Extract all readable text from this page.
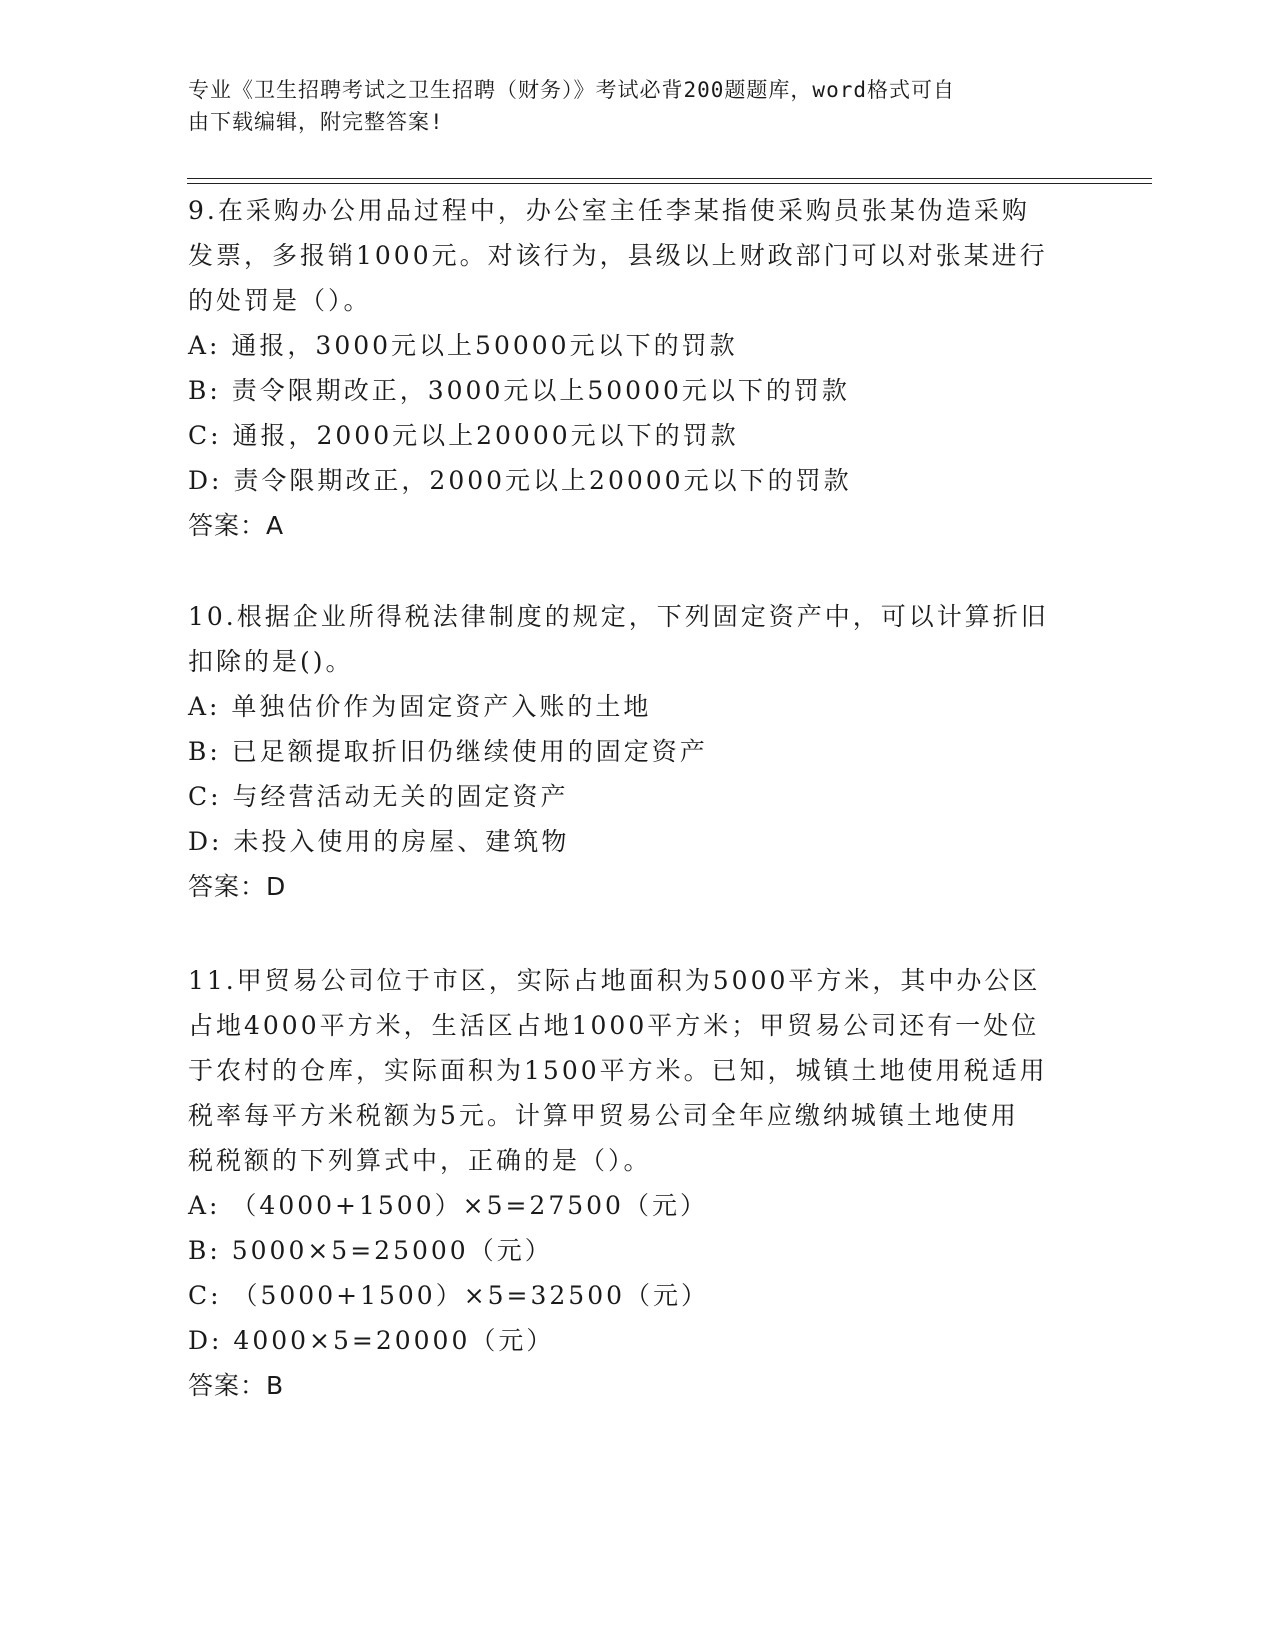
专业《卫生招聘考试之卫生招聘（财务）》考试必背200题题库，word格式可自
由下载编辑，附完整答案!

9.在采购办公用品过程中，办公室主任李某指使采购员张某伪造采购

发票，多报销1000元。对该行为，县级以上财政部门可以对张某进行

的处罚是（）。

A: 通报，3000元以上50000元以下的罚款

B: 责令限期改正，3000元以上50000元以下的罚款

C: 通报，2000元以上20000元以下的罚款

D: 责令限期改正，2000元以上20000元以下的罚款

答案：A

10.根据企业所得税法律制度的规定，下列固定资产中，可以计算折旧

扣除的是()。

A: 单独估价作为固定资产入账的土地

B: 已足额提取折旧仍继续使用的固定资产

C: 与经营活动无关的固定资产

D: 未投入使用的房屋、建筑物

答案：D

11.甲贸易公司位于市区，实际占地面积为5000平方米，其中办公区

占地4000平方米，生活区占地1000平方米；甲贸易公司还有一处位

于农村的仓库，实际面积为1500平方米。已知，城镇土地使用税适用

税率每平方米税额为5元。计算甲贸易公司全年应缴纳城镇土地使用

税税额的下列算式中，正确的是（）。

A: （4000+1500）×5=27500（元）

B: 5000×5=25000（元）

C: （5000+1500）×5=32500（元）

D: 4000×5=20000（元）

答案：B
